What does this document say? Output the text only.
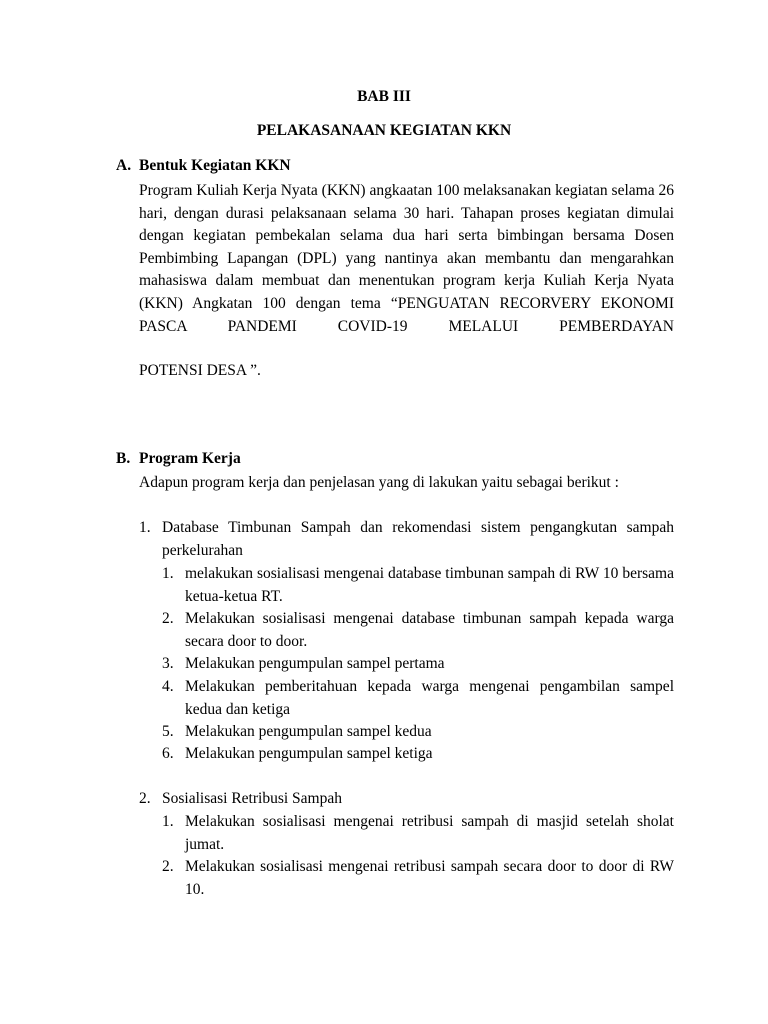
BAB III
PELAKASANAAN KEGIATAN KKN
A. Bentuk Kegiatan KKN
Program Kuliah Kerja Nyata (KKN) angkaatan 100 melaksanakan kegiatan selama 26 hari, dengan durasi pelaksanaan selama 30 hari. Tahapan proses kegiatan dimulai dengan kegiatan pembekalan selama dua hari serta bimbingan bersama Dosen Pembimbing Lapangan (DPL) yang nantinya akan membantu dan mengarahkan mahasiswa dalam membuat dan menentukan program kerja Kuliah Kerja Nyata (KKN) Angkatan 100 dengan tema “PENGUATAN RECORVERY EKONOMI PASCA PANDEMI COVID-19 MELALUI PEMBERDAYAN
POTENSI DESA ”.
B. Program Kerja
Adapun program kerja dan penjelasan yang di lakukan yaitu sebagai berikut :
1. Database Timbunan Sampah dan rekomendasi sistem pengangkutan sampah perkelurahan
1. melakukan sosialisasi mengenai database timbunan sampah di RW 10 bersama ketua-ketua RT.
2. Melakukan sosialisasi mengenai database timbunan sampah kepada warga secara door to door.
3. Melakukan pengumpulan sampel pertama
4. Melakukan pemberitahuan kepada warga mengenai pengambilan sampel kedua dan ketiga
5. Melakukan pengumpulan sampel kedua
6. Melakukan pengumpulan sampel ketiga
2. Sosialisasi Retribusi Sampah
1. Melakukan sosialisasi mengenai retribusi sampah di masjid setelah sholat jumat.
2. Melakukan sosialisasi mengenai retribusi sampah secara door to door di RW 10.
